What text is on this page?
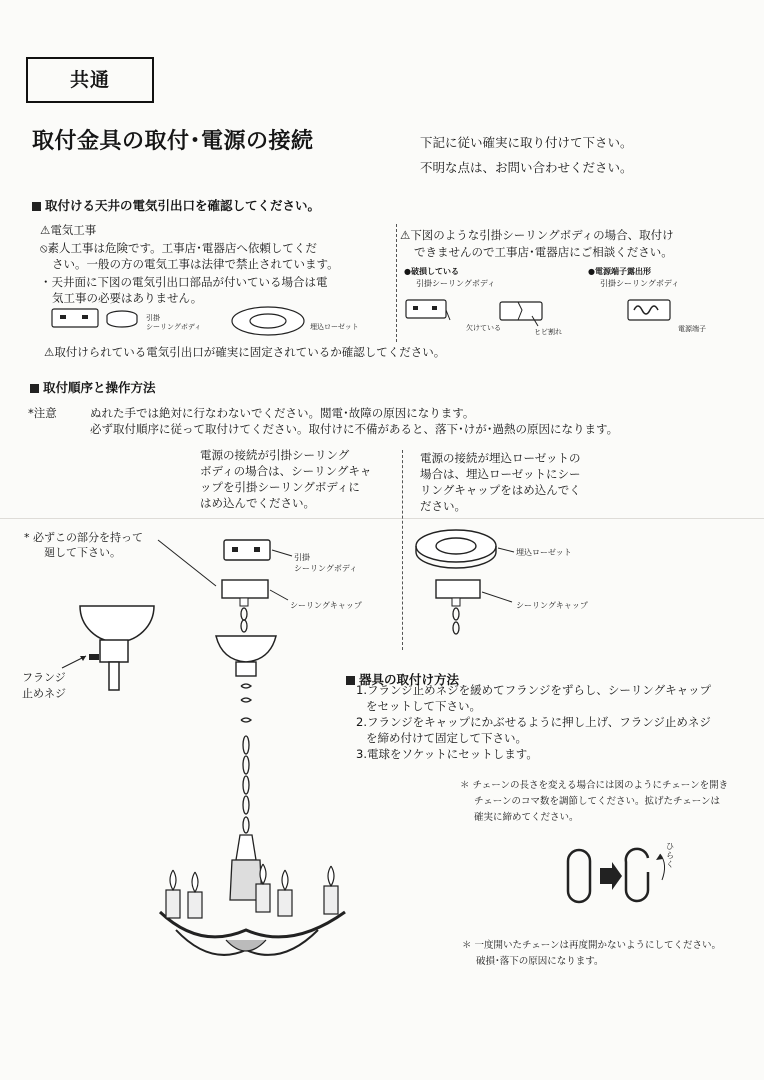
共通
取付金具の取付･電源の接続	下記に従い確実に取り付けて下さい。
不明な点は、お問い合わせください。
取付ける天井の電気引出口を確認してください。
⚠電気工事
⦸素人工事は危険です。工事店･電器店へ依頼してくだ
さい。一般の方の電気工事は法律で禁止されています。
・天井面に下図の電気引出口部品が付いている場合は電
気工事の必要はありません。
⚠下図のような引掛シーリングボディの場合、取付け
できませんので工事店･電器店にご相談ください。
●破損している
引掛シーリングボディ
●電源端子露出形
引掛シーリングボディ
引掛
シーリングボディ	埋込ローゼット	欠けている	ヒビ割れ	電源端子
⚠取付けられている電気引出口が確実に固定されているか確認してください。
取付順序と操作方法
*注意	ぬれた手では絶対に行なわないでください。閲電･故障の原因になります。
必ず取付順序に従って取付けてください。取付けに不備があると、落下･けが･過熱の原因になります。
電源の接続が引掛シーリング
ボディの場合は、シーリングキャ
ップを引掛シーリングボディに
はめ込んでください。
電源の接続が埋込ローゼットの
場合は、埋込ローゼットにシー
リングキャップをはめ込んでく
ださい。
* 必ずこの部分を持って
廻して下さい。
フランジ
止めネジ
引掛
シーリングボディ
シーリングキャップ
埋込ローゼット
シーリングキャップ
ひらく
器具の取付け方法
1.フランジ止めネジを緩めてフランジをずらし、シーリングキャップ
をセットして下さい。
2.フランジをキャップにかぶせるように押し上げ、フランジ止めネジ
を締め付けて固定して下さい。
3.電球をソケットにセットします。
＊ チェーンの長さを変える場合には図のようにチェーンを開き
チェーンのコマ数を調節してください。拡げたチェーンは
確実に締めてください。
＊ 一度開いたチェーンは再度開かないようにしてください。
破損･落下の原因になります。
